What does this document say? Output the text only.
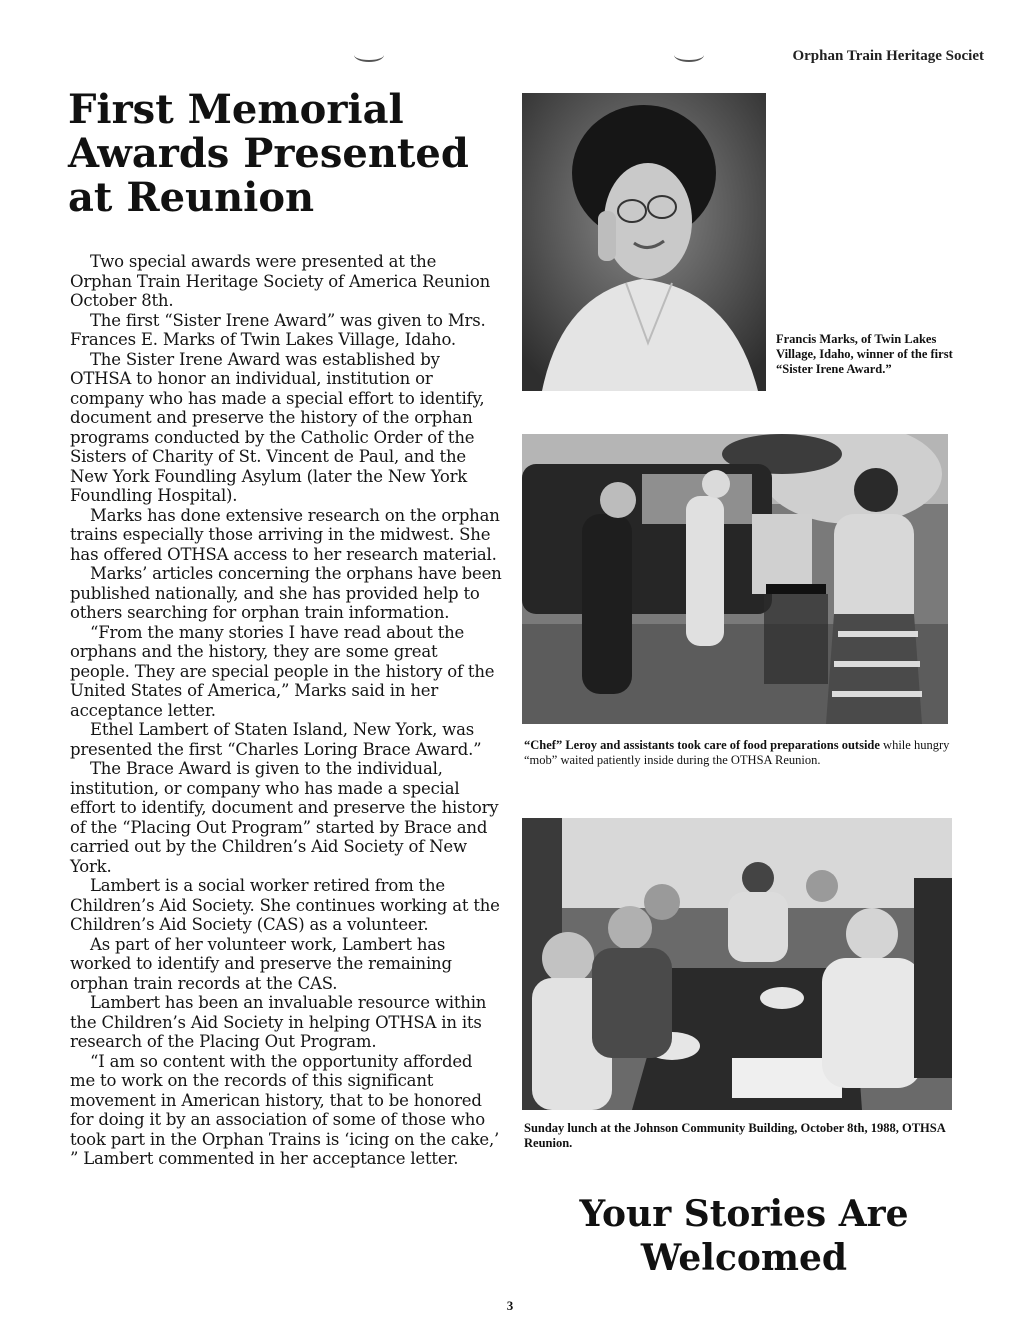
Orphan Train Heritage Societ
First Memorial
Awards Presented
at Reunion

Two special awards were presented at the Orphan Train Heritage Society of America Reunion October 8th.

The first “Sister Irene Award” was given to Mrs. Frances E. Marks of Twin Lakes Village, Idaho.

The Sister Irene Award was established by OTHSA to honor an individual, institution or company who has made a special effort to identify, document and preserve the history of the orphan programs conducted by the Catholic Order of the Sisters of Charity of St. Vincent de Paul, and the New York Foundling Asylum (later the New York Foundling Hospital).

Marks has done extensive research on the orphan trains especially those arriving in the midwest. She has offered OTHSA access to her research material.

Marks’ articles concerning the orphans have been published nationally, and she has provided help to others searching for orphan train information.

“From the many stories I have read about the orphans and the history, they are some great people. They are special people in the history of the United States of America,” Marks said in her acceptance letter.

Ethel Lambert of Staten Island, New York, was presented the first “Charles Loring Brace Award.”

The Brace Award is given to the individual, institution, or company who has made a special effort to identify, document and preserve the history of the “Placing Out Program” started by Brace and carried out by the Children’s Aid Society of New York.

Lambert is a social worker retired from the Children’s Aid Society. She continues working at the Children’s Aid Society (CAS) as a volunteer.

As part of her volunteer work, Lambert has worked to identify and preserve the remaining orphan train records at the CAS.

Lambert has been an invaluable resource within the Children’s Aid Society in helping OTHSA in its research of the Placing Out Program.

“I am so content with the opportunity afforded me to work on the records of this significant movement in American history, that to be honored for doing it by an association of some of those who took part in the Orphan Trains is ‘icing on the cake,’ ” Lambert commented in her acceptance letter.

Francis Marks, of Twin Lakes Village, Idaho, winner of the first “Sister Irene Award.”
“Chef” Leroy and assistants took care of food preparations outside while hungry “mob” waited patiently inside during the OTHSA Reunion.
Sunday lunch at the Johnson Community Building, October 8th, 1988, OTHSA Reunion.
Your Stories Are
Welcomed
3
